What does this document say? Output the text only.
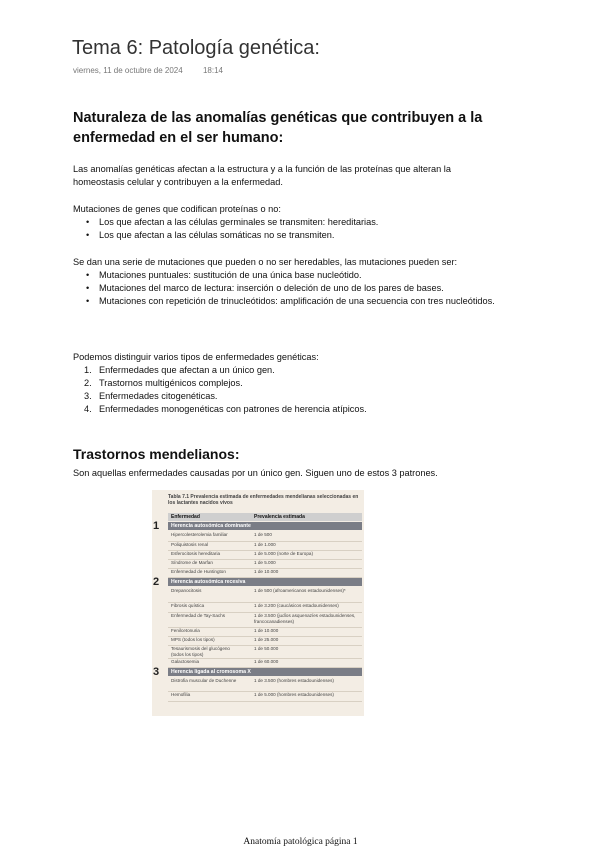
Tema 6: Patología genética:
viernes, 11 de octubre de 2024	18:14
Naturaleza de las anomalías genéticas que contribuyen a la enfermedad en el ser humano:
Las anomalías genéticas afectan a la estructura y a la función de las proteínas que alteran la homeostasis celular y contribuyen a la enfermedad.
Mutaciones de genes que codifican proteínas o no:
• Los que afectan a las células germinales se transmiten: hereditarias.
• Los que afectan a las células somáticas no se transmiten.
Se dan una serie de mutaciones que pueden o no ser heredables, las mutaciones pueden ser:
• Mutaciones puntuales: sustitución de una única base nucleótido.
• Mutaciones del marco de lectura: inserción o deleción de uno de los pares de bases.
• Mutaciones con repetición de trinucleótidos: amplificación de una secuencia con tres nucleótidos.
Podemos distinguir varios tipos de enfermedades genéticas:
1. Enfermedades que afectan a un único gen.
2. Trastornos multigénicos complejos.
3. Enfermedades citogenéticas.
4. Enfermedades monogenéticas con patrones de herencia atípicos.
Trastornos mendelianos:
Son aquellas enfermedades causadas por un único gen. Siguen uno de estos 3 patrones.
Tabla 7.1 Prevalencia estimada de enfermedades mendelianas seleccionadas en los lactantes nacidos vivos
Enfermedad	Prevalencia estimada
Herencia autosómica dominante
1
Hipercolesterolemia familiar	1 de 500
Poliquistosis renal	1 de 1.000
Esferocitosis hereditaria	1 de 5.000 (norte de Europa)
Síndrome de Marfan	1 de 5.000
Enfermedad de Huntington	1 de 10.000
Herencia autosómica recesiva
2
Drepanocitosis	1 de 500 (afroamericanos estadounidenses)*
Fibrosis quística	1 de 3.200 (caucásicos estadounidenses)
Enfermedad de Tay-Sachs	1 de 3.500 (judíos asquenazíes estadounidenses, francocanadienses)
Fenilcetonuria	1 de 10.000
MPS (todos los tipos)	1 de 25.000
Tesaurismosis del glucógeno (todos los tipos)
1 de 50.000
Galactosemia	1 de 60.000
Herencia ligada al cromosoma X
3
Distrofia muscular de Duchenne	1 de 3.500 (hombres estadounidenses)
Hemofilia	1 de 5.000 (hombres estadounidenses)
Anatomía patológica página 1
